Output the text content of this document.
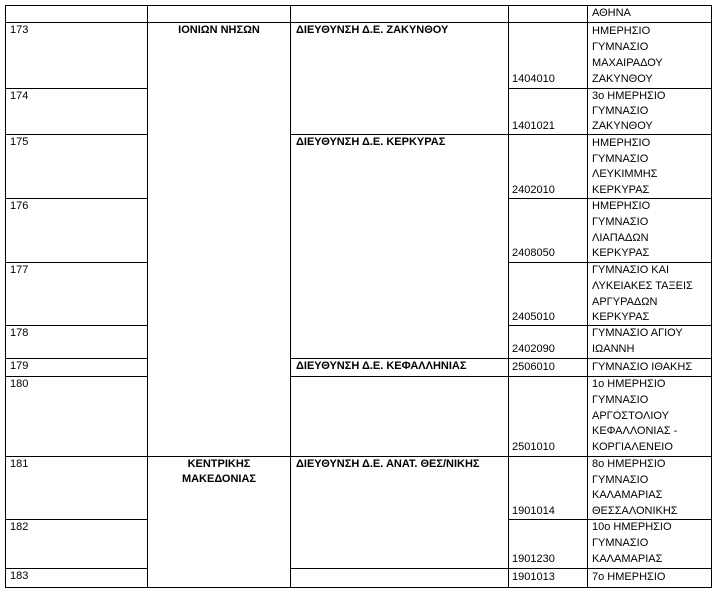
ΑΘΗΝΑ
173
174
175
176
177
178
179
180
181
182
183
ΙΟΝΙΩΝ ΝΗΣΩΝ
ΚΕΝΤΡΙΚΗΣ
ΜΑΚΕΔΟΝΙΑΣ
ΔΙΕΥΘΥΝΣΗ Δ.Ε. ΖΑΚΥΝΘΟΥ
ΔΙΕΥΘΥΝΣΗ Δ.Ε. ΚΕΡΚΥΡΑΣ
ΔΙΕΥΘΥΝΣΗ Δ.Ε. ΚΕΦΑΛΛΗΝΙΑΣ
ΔΙΕΥΘΥΝΣΗ Δ.Ε. ΑΝΑΤ. ΘΕΣ/ΝΙΚΗΣ
1404010
1401021
2402010
2408050
2405010
2402090
2506010
2501010
1901014
1901230
1901013
ΗΜΕΡΗΣΙΟ
ΓΥΜΝΑΣΙΟ
ΜΑΧΑΙΡΑΔΟΥ
ΖΑΚΥΝΘΟΥ
3ο ΗΜΕΡΗΣΙΟ
ΓΥΜΝΑΣΙΟ
ΖΑΚΥΝΘΟΥ
ΗΜΕΡΗΣΙΟ
ΓΥΜΝΑΣΙΟ
ΛΕΥΚΙΜΜΗΣ
ΚΕΡΚΥΡΑΣ
ΗΜΕΡΗΣΙΟ
ΓΥΜΝΑΣΙΟ
ΛΙΑΠΑΔΩΝ
ΚΕΡΚΥΡΑΣ
ΓΥΜΝΑΣΙΟ ΚΑΙ
ΛΥΚΕΙΑΚΕΣ ΤΑΞΕΙΣ
ΑΡΓΥΡΑΔΩΝ
ΚΕΡΚΥΡΑΣ
ΓΥΜΝΑΣΙΟ ΑΓΙΟΥ
ΙΩΑΝΝΗ
ΓΥΜΝΑΣΙΟ ΙΘΑΚΗΣ
1ο ΗΜΕΡΗΣΙΟ
ΓΥΜΝΑΣΙΟ
ΑΡΓΟΣΤΟΛΙΟΥ
ΚΕΦΑΛΛΟΝΙΑΣ -
ΚΟΡΓΙΑΛΕΝΕΙΟ
8ο ΗΜΕΡΗΣΙΟ
ΓΥΜΝΑΣΙΟ
ΚΑΛΑΜΑΡΙΑΣ
ΘΕΣΣΑΛΟΝΙΚΗΣ
10ο ΗΜΕΡΗΣΙΟ
ΓΥΜΝΑΣΙΟ
ΚΑΛΑΜΑΡΙΑΣ
7ο ΗΜΕΡΗΣΙΟ
